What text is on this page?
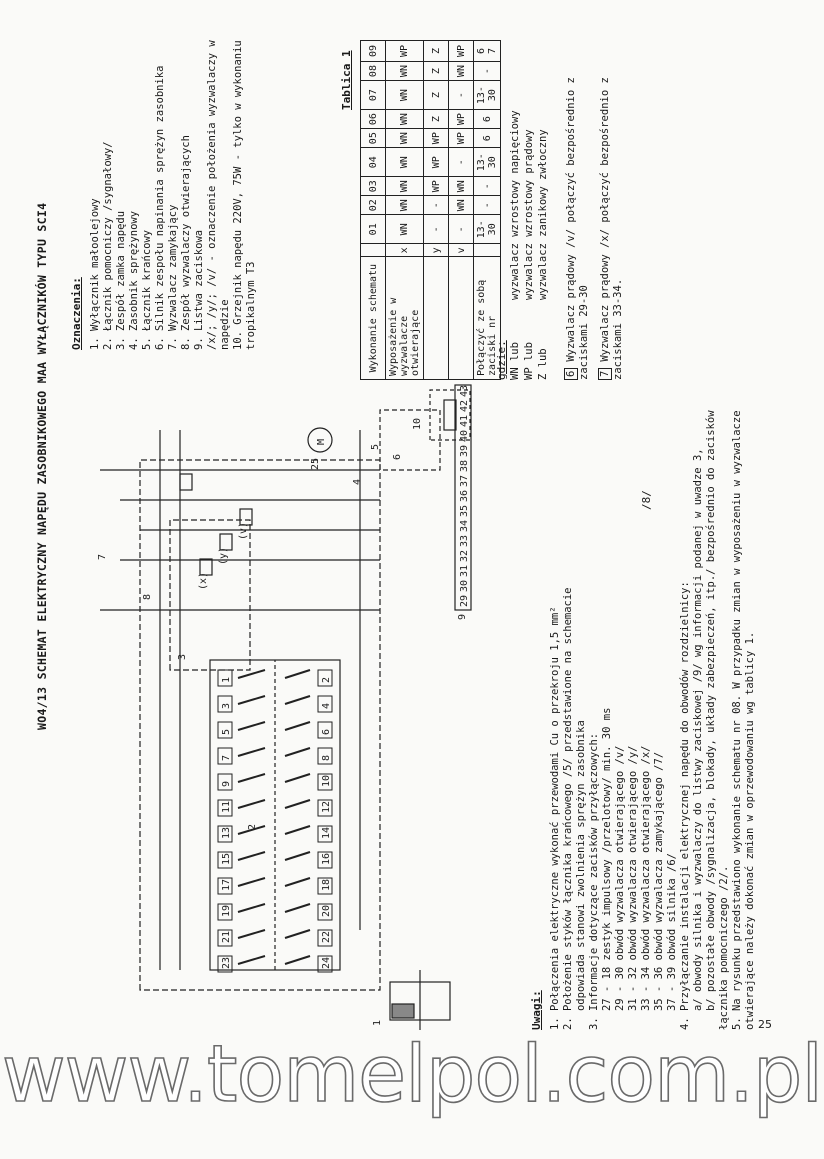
WO4/13 SCHEMAT ELEKTRYCZNY NAPĘDU ZASOBNIKOWEGO MAA WYŁĄCZNIKÓW TYPU SCI4	1
3
5
7
9
11
13
15
17
19
21
23
2
4
6
8
10
12
14
16
18
20
22
24
29
30
31
32
33
34
35
36
37
38
39
40
41
42
43
25
1
2
3
4
5
6
7
8
9
10
M
(x)
(y)
(v)
Oznaczenia: 1. Wyłącznik małoolejowy 2. Łącznik pomocniczy /sygnałowy/ 3. Zespół zamka napędu 4. Zasobnik sprężynowy 5. Łącznik krańcowy 6. Silnik zespołu napinania sprężyn zasobnika 7. Wyzwalacz zamykający 8. Zespół wyzwalaczy otwierających 9. Listwa zaciskowa /x/; /y/; /v/ - oznaczenie położenia wyzwalaczy w napędzie 10. Grzejnik napędu 220V, 75W - tylko w wykonaniu tropikalnym T3
Tablica 1
Wykonanie schematu		01	02	03	04	05	06	07	08	09
Wyposażenie w wyzwalacze otwierające	x	WN	WN	WN	WN	WN	WN	WN	WN	WP
	y	-	-	WP	WP	WP	Z	Z	Z	Z
	v	-	WN	WN	-	WP	WP	-	WN	WP
Połączyć ze sobą zaciski nr		13-30	-	-	13-30	6	6	13-30	-	6 7
gdzie: WN lubwyzwalacz wzrostowy napięciowy
WP lubwyzwalacz wzrostowy prądowy
Z lubwyzwalacz zanikowy zwłoczny
6Wyzwalacz prądowy /v/ połączyć bezpośrednio z zaciskami 29-30 7Wyzwalacz prądowy /x/ połączyć bezpośrednio z zaciskami 33-34.
Uwagi: 1. Połączenia elektryczne wykonać przewodami Cu o przekroju 1,5 mm² 2. Położenie styków łącznika krańcowego /5/ przedstawione na schemacie odpowiada stanowi zwolnienia sprężyn zasobnika 3. Informacje dotyczące zacisków przyłączowych: 27 - 18 zestyk impulsowy /przelotowy/ min. 30 ms
29 - 30 obwód wyzwalacza otwierającego /v/
31 - 32 obwód wyzwalacza otwierającego /y/
33 - 34 obwód wyzwalacza otwierającego /x/
35 - 36 obwód wyzwalacza zamykającego /7/
37 - 39 obwód silnika /6/ 4. Przyłączanie instalacji elektrycznej napędu do obwodów rozdzielnicy: a/ obwody silnika i wyzwalaczy do listwy zaciskowej /9/ wg informacji podanej w uwadze 3,
b/ pozostałe obwody /sygnalizacja, blokady, układy zabezpieczeń, itp./ bezpośrednio do zacisków łącznika pomocniczego /2/. 5. Na rysunku przedstawiono wykonanie schematu nr 08. W przypadku zmian w wyposażeniu w wyzwalacze otwierające należy dokonać zmian w oprzewodowaniu wg tablicy 1.
/8/
25
www.tomelpol.com.pl
